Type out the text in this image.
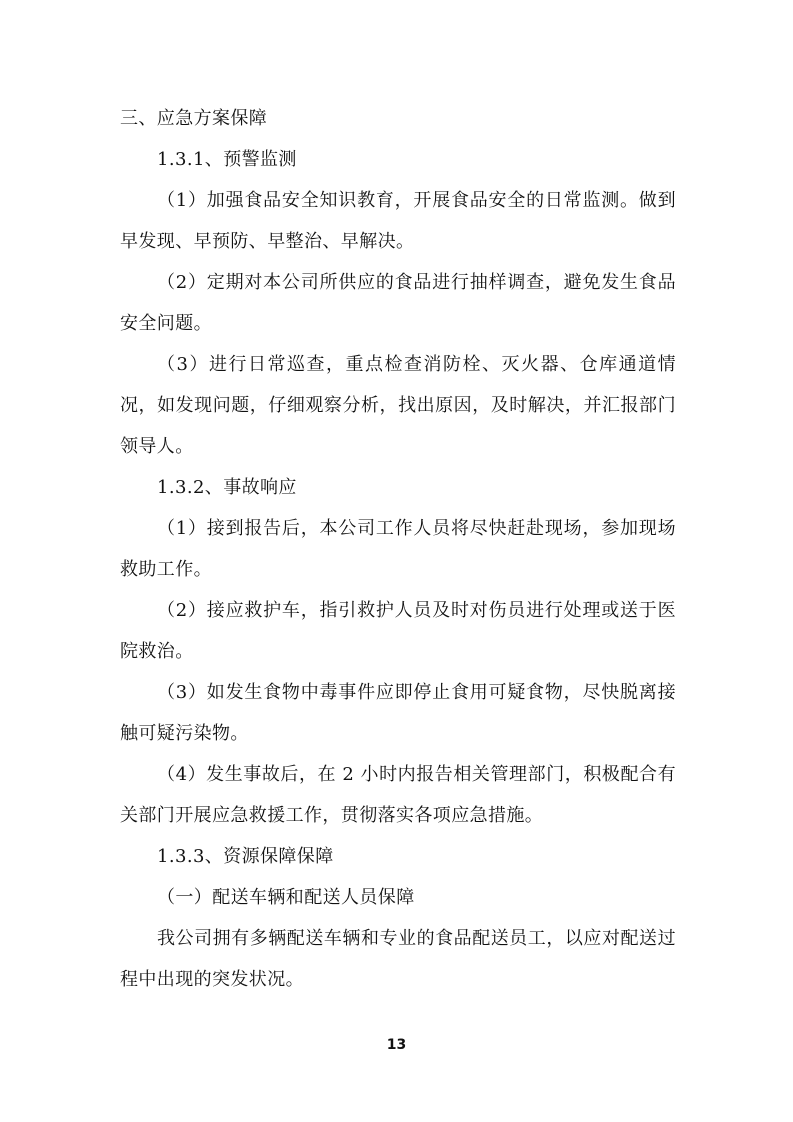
三、应急方案保障

1.3.1、预警监测

（1）加强食品安全知识教育，开展食品安全的日常监测。做到早发现、早预防、早整治、早解决。

（2）定期对本公司所供应的食品进行抽样调查，避免发生食品安全问题。

（3）进行日常巡查，重点检查消防栓、灭火器、仓库通道情况，如发现问题，仔细观察分析，找出原因，及时解决，并汇报部门领导人。

1.3.2、事故响应

（1）接到报告后，本公司工作人员将尽快赶赴现场，参加现场救助工作。

（2）接应救护车，指引救护人员及时对伤员进行处理或送于医院救治。

（3）如发生食物中毒事件应即停止食用可疑食物，尽快脱离接触可疑污染物。

（4）发生事故后，在 2 小时内报告相关管理部门，积极配合有关部门开展应急救援工作，贯彻落实各项应急措施。

1.3.3、资源保障保障

（一）配送车辆和配送人员保障

我公司拥有多辆配送车辆和专业的食品配送员工，以应对配送过程中出现的突发状况。

13
